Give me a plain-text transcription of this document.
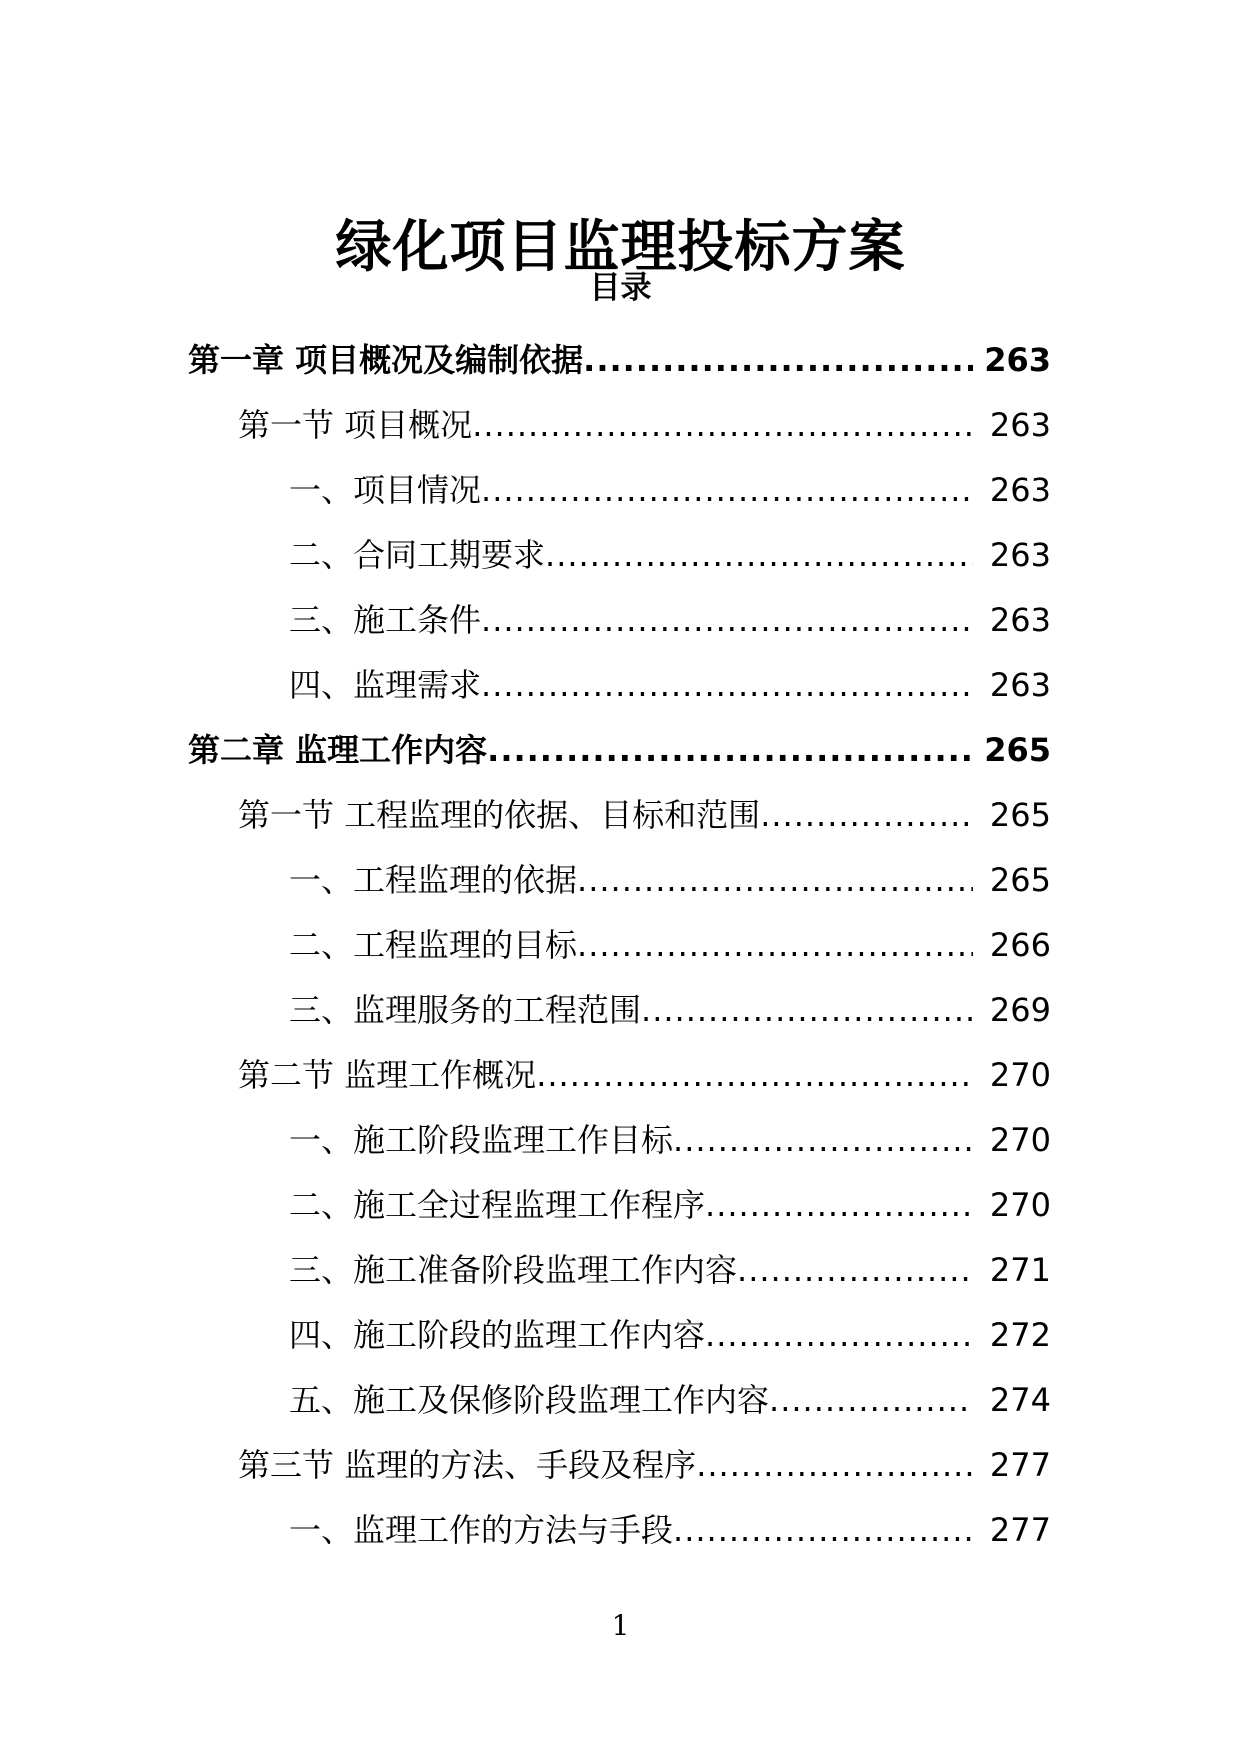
绿化项目监理投标方案
目录
第一章 项目概况及编制依据 .....	263
第一节 项目概况 .....	263
一、项目情况 .....	263
二、合同工期要求 .....	263
三、施工条件 .....	263
四、监理需求 .....	263
第二章 监理工作内容 .....	265
第一节 工程监理的依据、目标和范围 .....	265
一、工程监理的依据 .....	265
二、工程监理的目标 .....	266
三、监理服务的工程范围 .....	269
第二节 监理工作概况 .....	270
一、施工阶段监理工作目标 .....	270
二、施工全过程监理工作程序 .....	270
三、施工准备阶段监理工作内容 .....	271
四、施工阶段的监理工作内容 .....	272
五、施工及保修阶段监理工作内容 .....	274
第三节 监理的方法、手段及程序 .....	277
一、监理工作的方法与手段 .....	277
1
